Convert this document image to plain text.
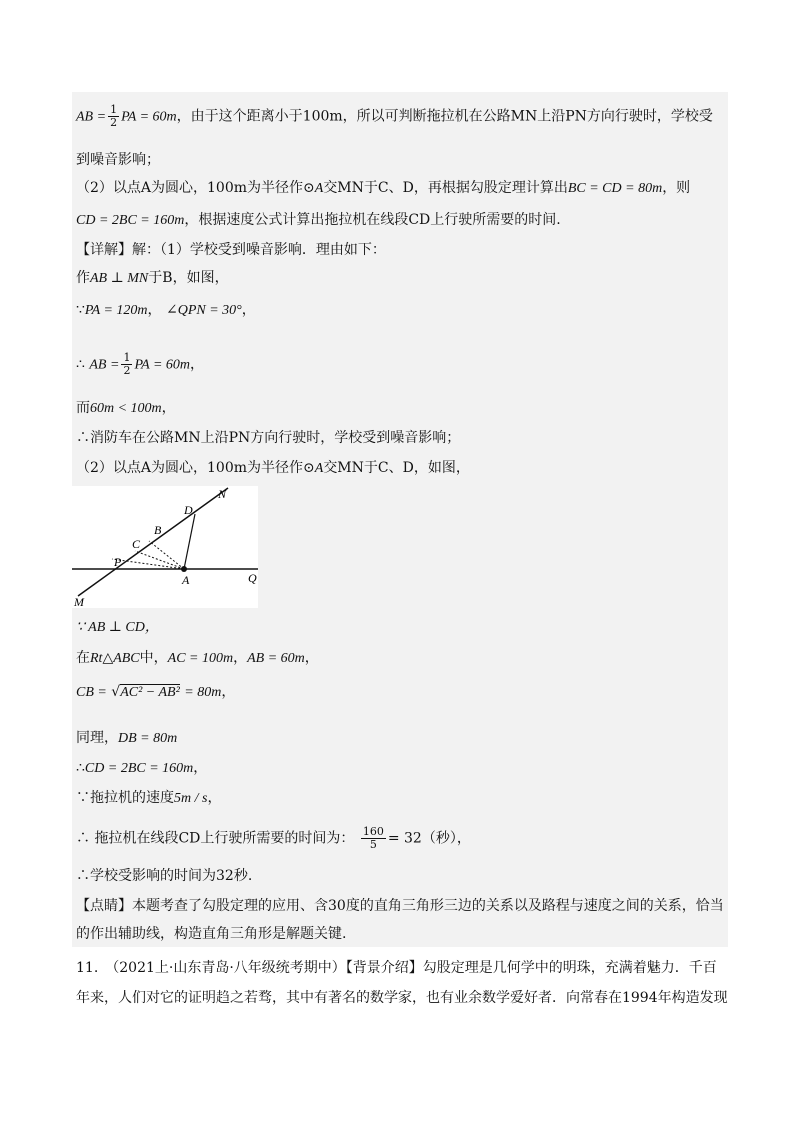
AB = $\frac{1}{2}$ PA = 60m，由于这个距离小于100m，所以可判断拖拉机在公路MN上沿PN方向行驶时，学校受
到噪音影响；
（2）以点A为圆心，100m为半径作⊙A交MN于C、D，再根据勾股定理计算出BC = CD = 80m，则
CD = 2BC = 160m，根据速度公式计算出拖拉机在线段CD上行驶所需要的时间.
【详解】解：（1）学校受到噪音影响．理由如下：
作AB ⊥ MN于B，如图，
∵PA = 120m， ∠QPN = 30°，
∴ AB = $\frac{1}{2}$ PA = 60m，
而60m < 100m，
∴消防车在公路MN上沿PN方向行驶时，学校受到噪音影响；
（2）以点A为圆心，100m为半径作⊙A交MN于C、D，如图，
N
D
B
C
P
A	Q
M
∵ AB ⊥ CD，
在Rt△ABC中，AC = 100m，AB = 60m，
CB = √AC² − AB² = 80m，
同理，DB = 80m
∴CD = 2BC = 160m，
∵拖拉机的速度5m / s，
∴ 拖拉机在线段CD上行驶所需要的时间为： $\frac{160}{5} = 32$（秒），
∴学校受影响的时间为32秒.
【点睛】本题考查了勾股定理的应用、含30度的直角三角形三边的关系以及路程与速度之间的关系，恰当
的作出辅助线，构造直角三角形是解题关键.
11.　（2021上·山东青岛·八年级统考期中）【背景介绍】勾股定理是几何学中的明珠，充满着魅力．千百
年来，人们对它的证明趋之若骛，其中有著名的数学家，也有业余数学爱好者．向常春在1994年构造发现
